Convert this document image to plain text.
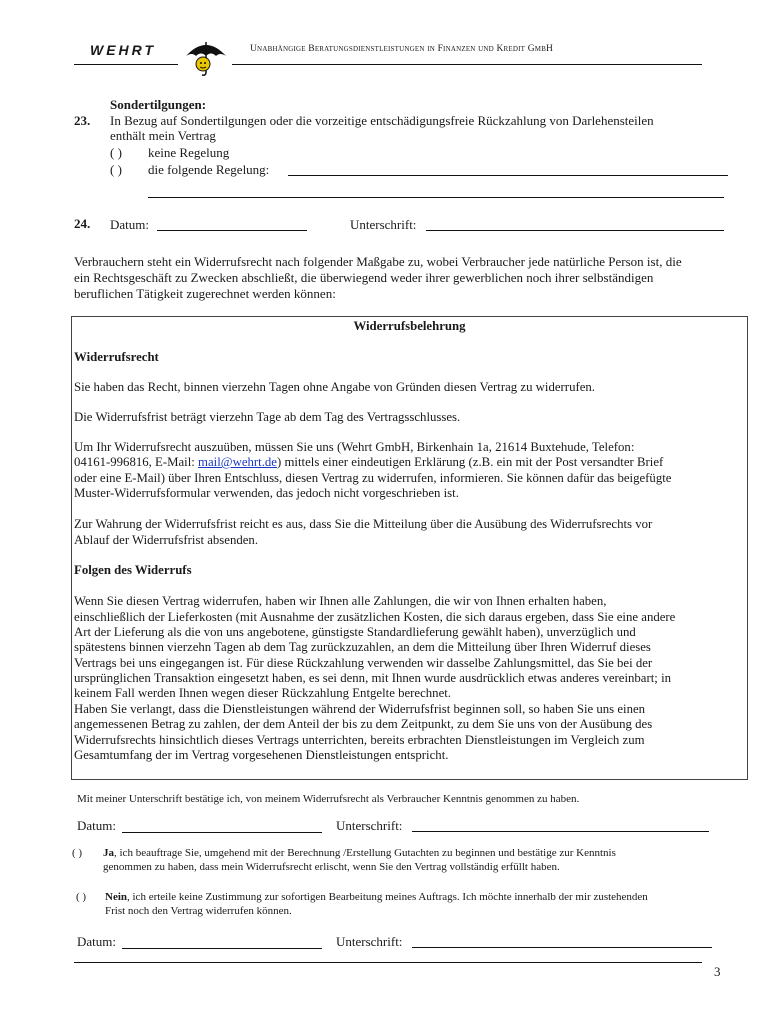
WEHRT	Unabhängige Beratungsdienstleistungen in Finanzen und Kredit GmbH
Sondertilgungen:
23. In Bezug auf Sondertilgungen oder die vorzeitige entschädigungsfreie Rückzahlung von Darlehensteilen
enthält mein Vertrag
( ) keine Regelung
( ) die folgende Regelung:
24. Datum:	Unterschrift:
Verbrauchern steht ein Widerrufsrecht nach folgender Maßgabe zu, wobei Verbraucher jede natürliche Person ist, die
ein Rechtsgeschäft zu Zwecken abschließt, die überwiegend weder ihrer gewerblichen noch ihrer selbständigen
beruflichen Tätigkeit zugerechnet werden können:
Widerrufsbelehrung
Widerrufsrecht
Sie haben das Recht, binnen vierzehn Tagen ohne Angabe von Gründen diesen Vertrag zu widerrufen.
Die Widerrufsfrist beträgt vierzehn Tage ab dem Tag des Vertragsschlusses.
Um Ihr Widerrufsrecht auszuüben, müssen Sie uns (Wehrt GmbH, Birkenhain 1a, 21614 Buxtehude, Telefon:
04161-996816, E-Mail: mail@wehrt.de) mittels einer eindeutigen Erklärung (z.B. ein mit der Post versandter Brief
oder eine E-Mail) über Ihren Entschluss, diesen Vertrag zu widerrufen, informieren. Sie können dafür das beigefügte
Muster-Widerrufsformular verwenden, das jedoch nicht vorgeschrieben ist.
Zur Wahrung der Widerrufsfrist reicht es aus, dass Sie die Mitteilung über die Ausübung des Widerrufsrechts vor
Ablauf der Widerrufsfrist absenden.
Folgen des Widerrufs
Wenn Sie diesen Vertrag widerrufen, haben wir Ihnen alle Zahlungen, die wir von Ihnen erhalten haben,
einschließlich der Lieferkosten (mit Ausnahme der zusätzlichen Kosten, die sich daraus ergeben, dass Sie eine andere
Art der Lieferung als die von uns angebotene, günstigste Standardlieferung gewählt haben), unverzüglich und
spätestens binnen vierzehn Tagen ab dem Tag zurückzuzahlen, an dem die Mitteilung über Ihren Widerruf dieses
Vertrags bei uns eingegangen ist. Für diese Rückzahlung verwenden wir dasselbe Zahlungsmittel, das Sie bei der
ursprünglichen Transaktion eingesetzt haben, es sei denn, mit Ihnen wurde ausdrücklich etwas anderes vereinbart; in
keinem Fall werden Ihnen wegen dieser Rückzahlung Entgelte berechnet.
Haben Sie verlangt, dass die Dienstleistungen während der Widerrufsfrist beginnen soll, so haben Sie uns einen
angemessenen Betrag zu zahlen, der dem Anteil der bis zu dem Zeitpunkt, zu dem Sie uns von der Ausübung des
Widerrufsrechts hinsichtlich dieses Vertrags unterrichten, bereits erbrachten Dienstleistungen im Vergleich zum
Gesamtumfang der im Vertrag vorgesehenen Dienstleistungen entspricht.
Mit meiner Unterschrift bestätige ich, von meinem Widerrufsrecht als Verbraucher Kenntnis genommen zu haben.
Datum:	Unterschrift:
( ) Ja, ich beauftrage Sie, umgehend mit der Berechnung /Erstellung Gutachten zu beginnen und bestätige zur Kenntnis
genommen zu haben, dass mein Widerrufsrecht erlischt, wenn Sie den Vertrag vollständig erfüllt haben.
( ) Nein, ich erteile keine Zustimmung zur sofortigen Bearbeitung meines Auftrags. Ich möchte innerhalb der mir zustehenden
Frist noch den Vertrag widerrufen können.
Datum:	Unterschrift:
3
